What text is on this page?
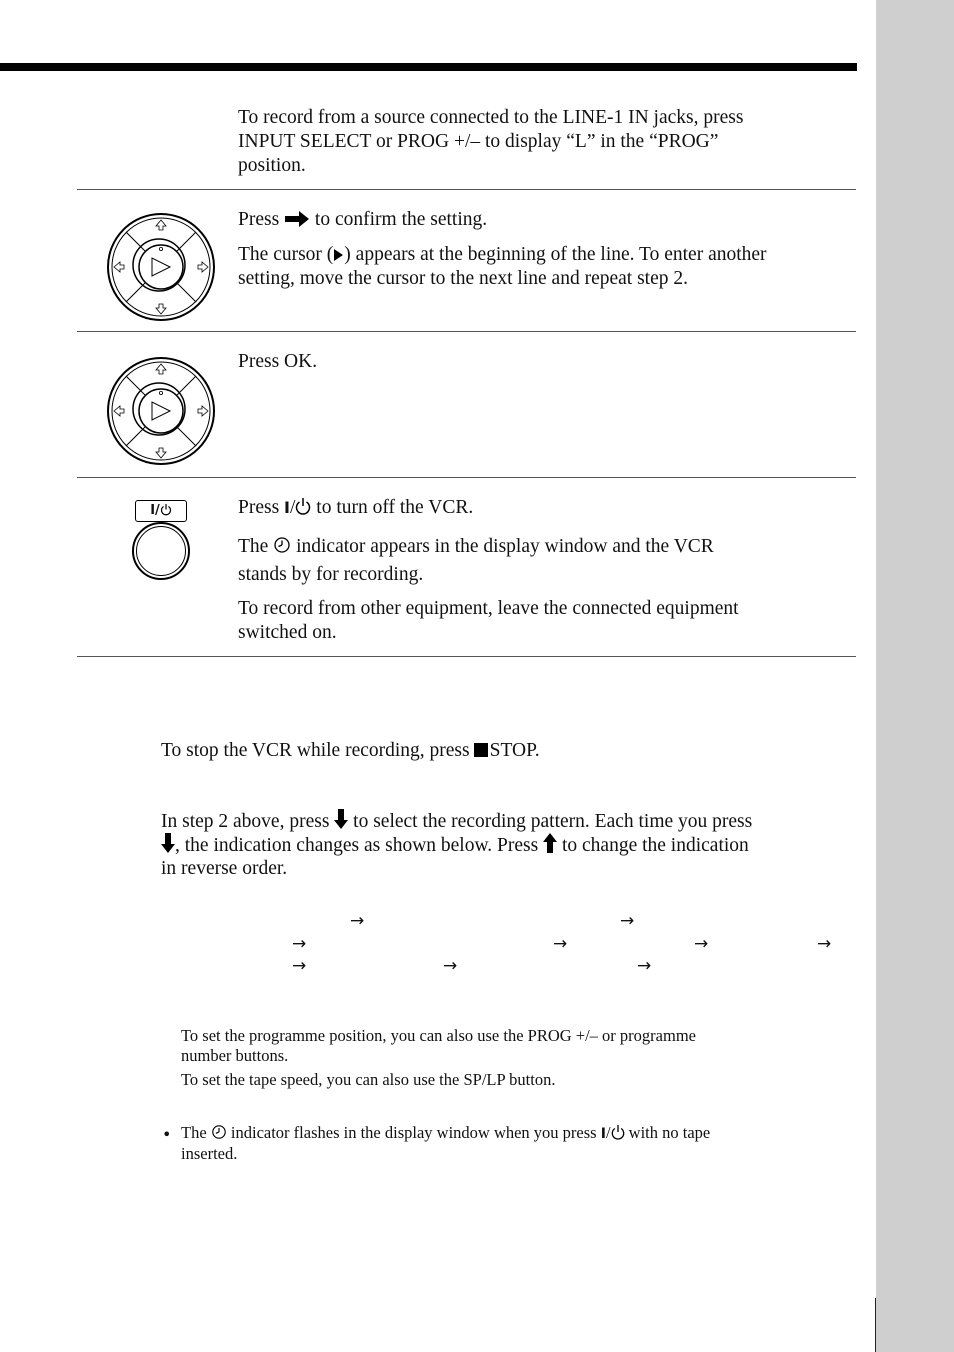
To record from a source connected to the LINE-1 IN jacks, press

INPUT SELECT or PROG +/– to display “L” in the “PROG”

position.

Press to confirm the setting.

The cursor ( ) appears at the beginning of the line. To enter another

setting, move the cursor to the next line and repeat step 2.

Press OK.

I/	Press I/ to turn off the VCR.

The indicator appears in the display window and the VCR

stands by for recording.

To record from other equipment, leave the connected equipment

switched on.

To stop the VCR while recording, press STOP.

In step 2 above, press to select the recording pattern. Each time you press

, the indication changes as shown below. Press to change the indication

in reverse order.

→	→
→	→	→	→
→	→	→

To set the programme position, you can also use the PROG +/– or programme

number buttons.

To set the tape speed, you can also use the SP/LP button.

• The indicator flashes in the display window when you press I/ with no tape

inserted.
